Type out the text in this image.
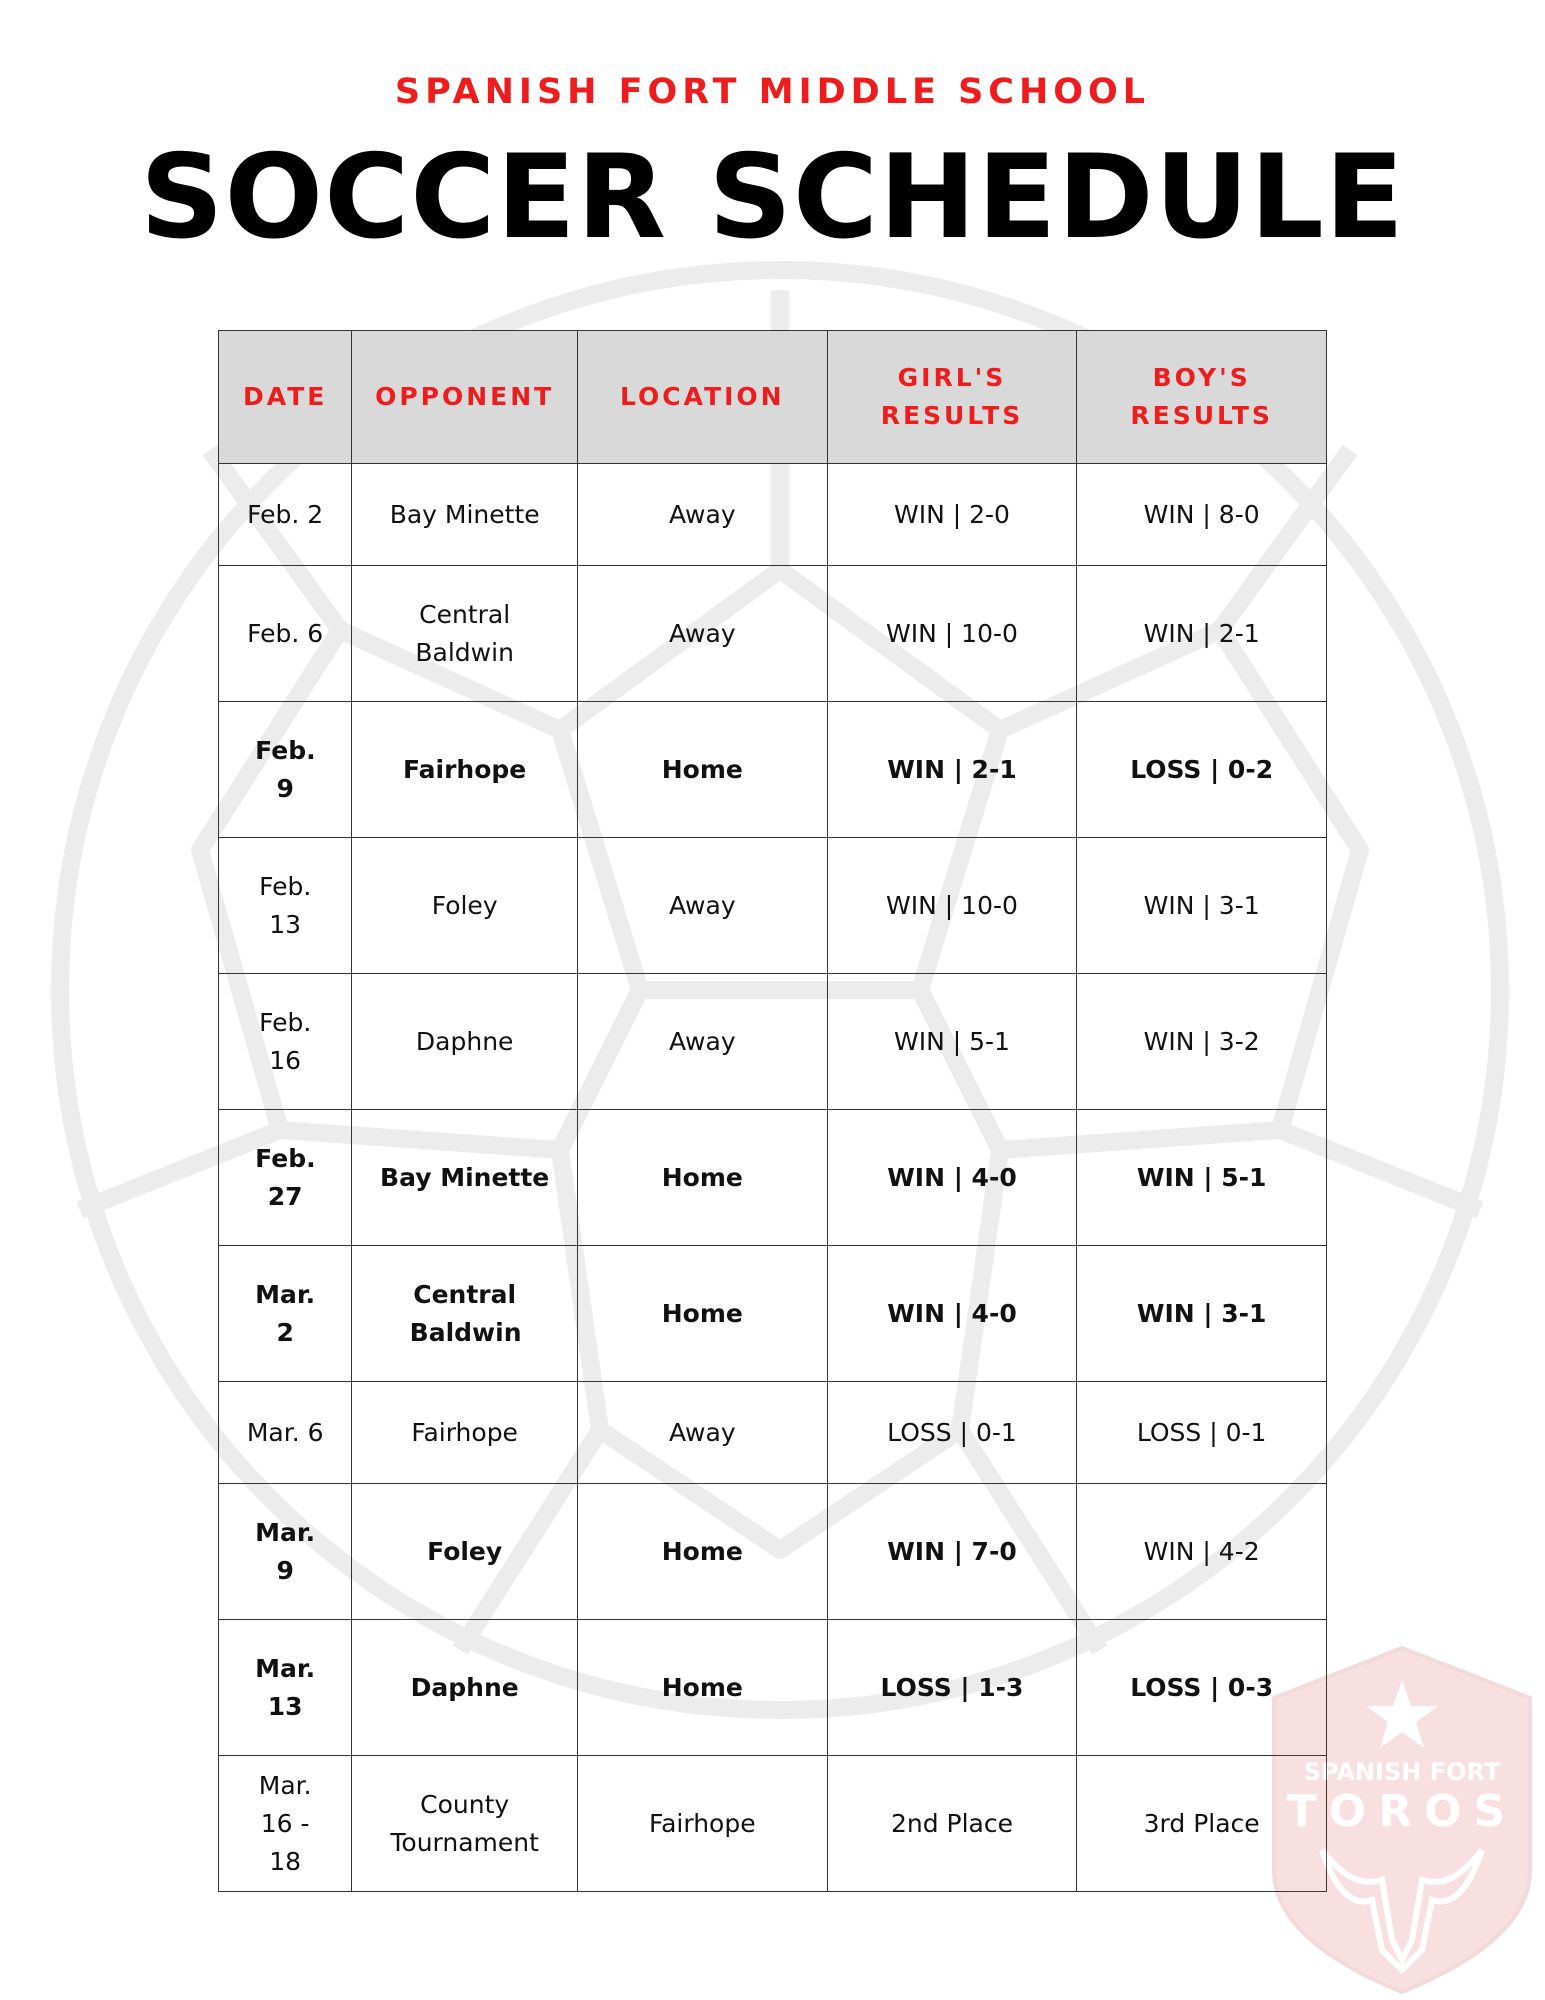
SPANISH FORT MIDDLE SCHOOL
SOCCER SCHEDULE
DATE	OPPONENT	LOCATION	GIRL'S RESULTS	BOY'S RESULTS

Feb. 2	Bay Minette	Away	WIN | 2-0	WIN | 8-0
Feb. 6	Central Baldwin	Away	WIN | 10-0	WIN | 2-1

Feb. 9	Fairhope	Home	WIN | 2-1	LOSS | 0-2

Feb. 13	Foley	Away	WIN | 10-0	WIN | 3-1

Feb. 16	Daphne	Away	WIN | 5-1	WIN | 3-2

Feb. 27	Bay Minette	Home	WIN | 4-0	WIN | 5-1

Mar. 2	Central Baldwin	Home	WIN | 4-0	WIN | 3-1
Mar. 6	Fairhope	Away	LOSS | 0-1	LOSS | 0-1

Mar. 9	Foley	Home	WIN | 7-0	WIN | 4-2

Mar. 13	Daphne	Home	LOSS | 1-3	LOSS | 0-3

Mar. 16 - 18	County Tournament	Fairhope	2nd Place	3rd Place
SPANISH FORT
TOROS
